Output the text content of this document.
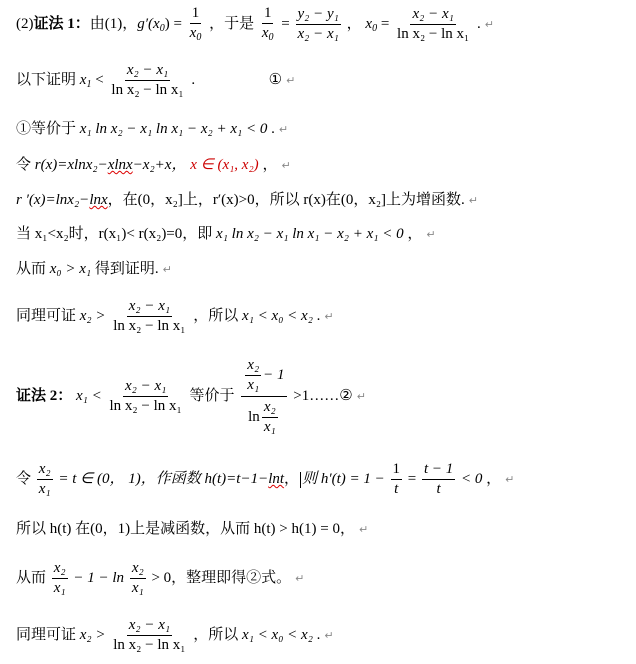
(2)证法 1：由(1)，$g'(x_0) = \frac{1}{x_0}$ ，于是 $\frac{1}{x_0} = \frac{\text{y₂ − y₁}}{\text{x₂ − x₁}}$ ， $x_0 = \frac{\text{x₂ − x₁}}{\text{ln x₂ − ln x₁}}$ . ↵
以下证明 $x_1 < \frac{\text{x₂ − x₁}}{\text{ln x₂ − ln x₁}}$ .	① ↵
①等价于 x₁ ln x₂ − x₁ ln x₁ − x₂ + x₁ < 0 . ↵
令 r(x)=xlnx₂−xlnx−x₂+x， x ∈ (x₁, x₂) ， ↵
r ′(x)=lnx₂−lnx，在(0，x₂]上，r′(x)>0，所以 r(x)在(0，x₂]上为增函数. ↵
当 x₁<x₂时，r(x₁)< r(x₂)=0，即 x₁ ln x₂ − x₁ ln x₁ − x₂ + x₁ < 0 ， ↵
从而 x₀ > x₁ 得到证明. ↵
同理可证 $x_2 > \frac{\text{x₂ − x₁}}{\text{ln x₂ − ln x₁}}$ ，所以 x₁ < x₀ < x₂ . ↵
证法 2： $x_1 < \frac{\text{x₂ − x₁}}{\text{ln x₂ − ln x₁}}$ 等价于 $\frac{\frac{\text{x₂}}{\text{x₁}} - 1}{\ln \frac{\text{x₂}}{\text{x₁}}}$ >1……② ↵
令 $\frac{\text{x₂}}{\text{x₁}} = t$ ∈ (0， 1)，作函数 h(t)=t−1−lnt， 则 $h'(t) = 1 - \frac{1}{t} = \frac{t - 1}{t} < 0$ ， ↵
所以 h(t) 在(0，1)上是减函数，从而 h(t) > h(1) = 0， ↵
从而 $\frac{\text{x₂}}{\text{x₁}} - 1 - \ln \frac{\text{x₂}}{\text{x₁}} > 0$，整理即得②式。 ↵
同理可证 $x_2 > \frac{\text{x₂ − x₁}}{\text{ln x₂ − ln x₁}}$ ，所以 x₁ < x₀ < x₂ . ↵
